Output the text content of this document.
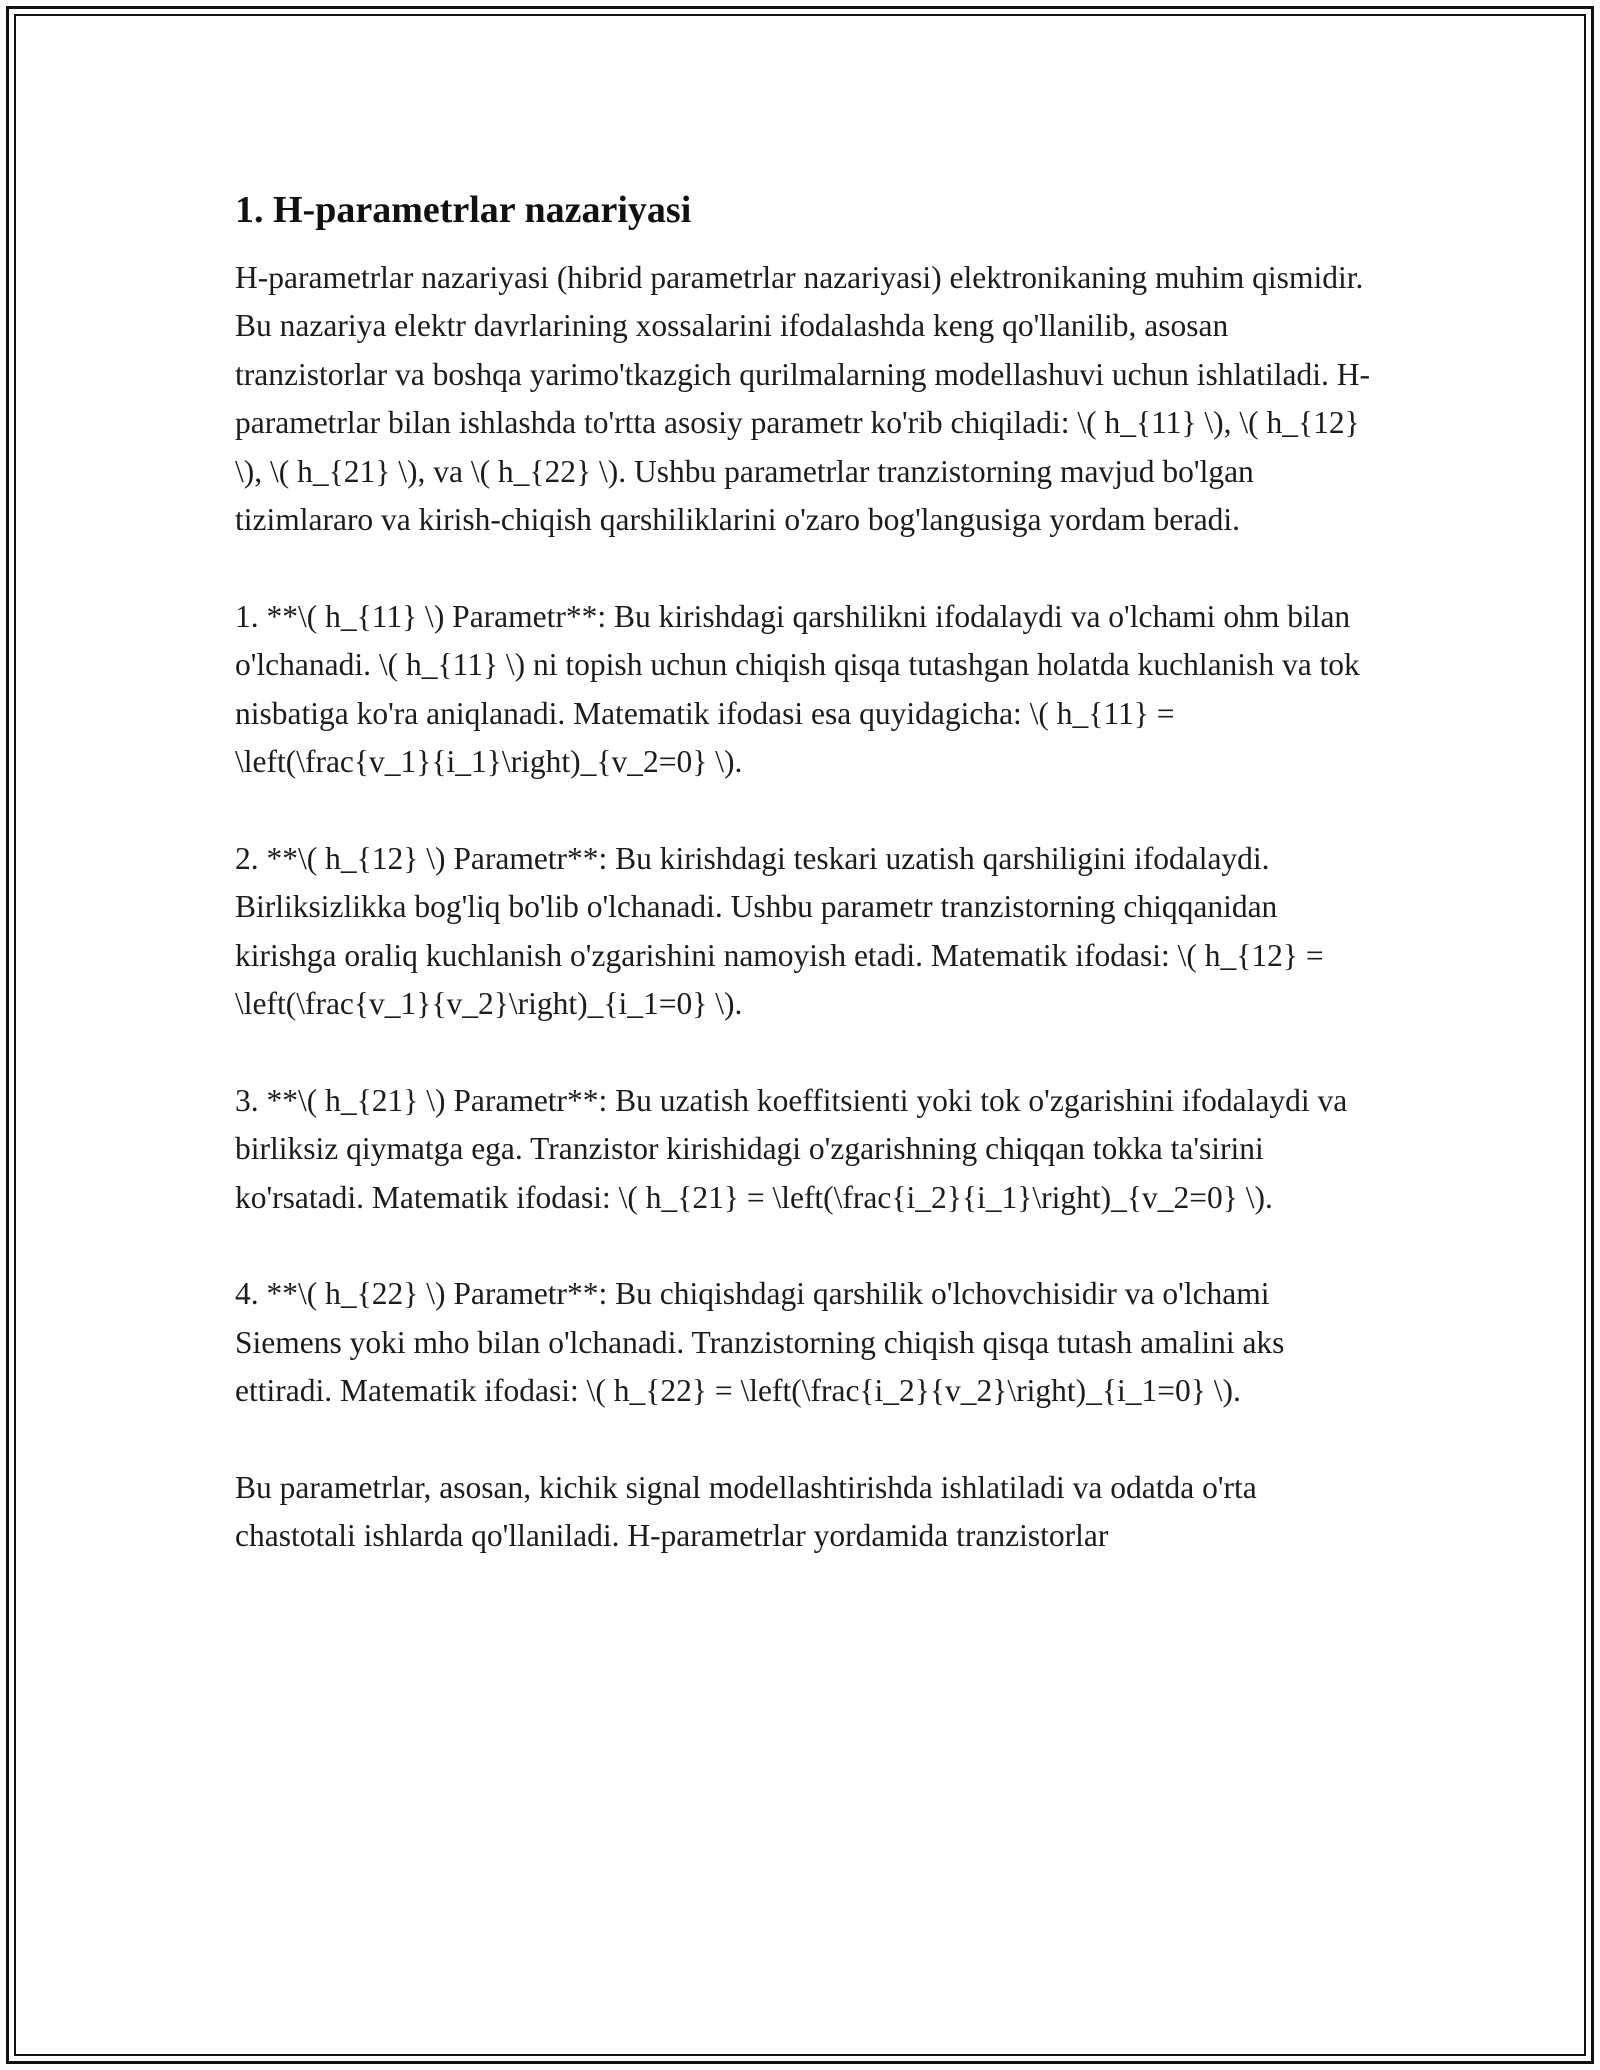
1. H-parametrlar nazariyasi

H-parametrlar nazariyasi (hibrid parametrlar nazariyasi) elektronikaning muhim qismidir. Bu nazariya elektr davrlarining xossalarini ifodalashda keng qo'llanilib, asosan tranzistorlar va boshqa yarimo'tkazgich qurilmalarning modellashuvi uchun ishlatiladi. H-parametrlar bilan ishlashda to'rtta asosiy parametr ko'rib chiqiladi: \( h_{11} \), \( h_{12} \), \( h_{21} \), va \( h_{22} \). Ushbu parametrlar tranzistorning mavjud bo'lgan tizimlararo va kirish-chiqish qarshiliklarini o'zaro bog'langusiga yordam beradi.

1. **\( h_{11} \) Parametr**: Bu kirishdagi qarshilikni ifodalaydi va o'lchami ohm bilan o'lchanadi. \( h_{11} \) ni topish uchun chiqish qisqa tutashgan holatda kuchlanish va tok nisbatiga ko'ra aniqlanadi. Matematik ifodasi esa quyidagicha: \( h_{11} = \left(\frac{v_1}{i_1}\right)_{v_2=0} \).

2. **\( h_{12} \) Parametr**: Bu kirishdagi teskari uzatish qarshiligini ifodalaydi. Birliksizlikka bog'liq bo'lib o'lchanadi. Ushbu parametr tranzistorning chiqqanidan kirishga oraliq kuchlanish o'zgarishini namoyish etadi. Matematik ifodasi: \( h_{12} = \left(\frac{v_1}{v_2}\right)_{i_1=0} \).

3. **\( h_{21} \) Parametr**: Bu uzatish koeffitsienti yoki tok o'zgarishini ifodalaydi va birliksiz qiymatga ega. Tranzistor kirishidagi o'zgarishning chiqqan tokka ta'sirini ko'rsatadi. Matematik ifodasi: \( h_{21} = \left(\frac{i_2}{i_1}\right)_{v_2=0} \).

4. **\( h_{22} \) Parametr**: Bu chiqishdagi qarshilik o'lchovchisidir va o'lchami Siemens yoki mho bilan o'lchanadi. Tranzistorning chiqish qisqa tutash amalini aks ettiradi. Matematik ifodasi: \( h_{22} = \left(\frac{i_2}{v_2}\right)_{i_1=0} \).

Bu parametrlar, asosan, kichik signal modellashtirishda ishlatiladi va odatda o'rta chastotali ishlarda qo'llaniladi. H-parametrlar yordamida tranzistorlar
